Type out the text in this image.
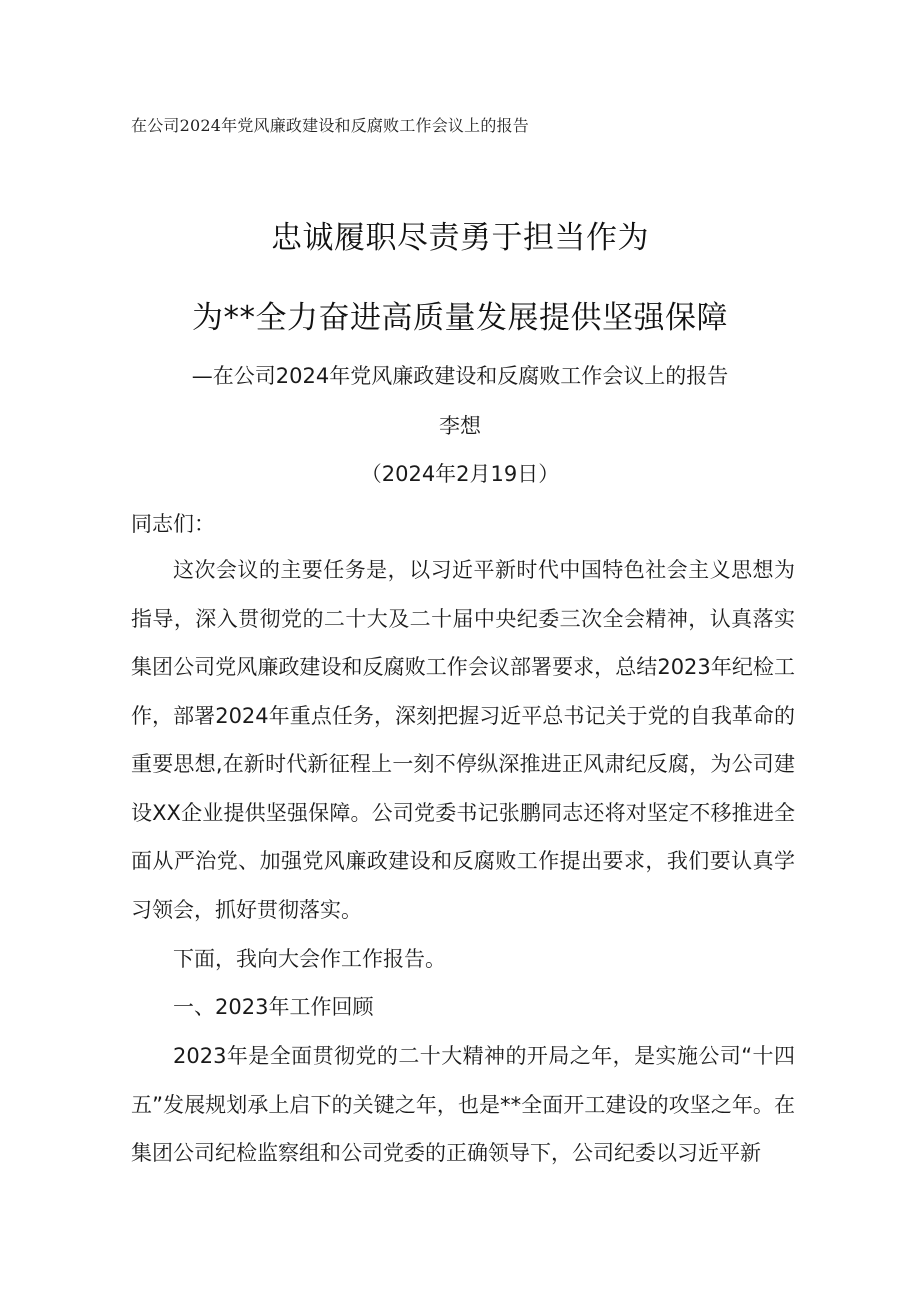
在公司2024年党风廉政建设和反腐败工作会议上的报告
忠诚履职尽责勇于担当作为
为**全力奋进高质量发展提供坚强保障
—在公司2024年党风廉政建设和反腐败工作会议上的报告
李想
（2024年2月19日）
同志们：

这次会议的主要任务是，以习近平新时代中国特色社会主义思想为指导，深入贯彻党的二十大及二十届中央纪委三次全会精神，认真落实集团公司党风廉政建设和反腐败工作会议部署要求，总结2023年纪检工作，部署2024年重点任务，深刻把握习近平总书记关于党的自我革命的重要思想,在新时代新征程上一刻不停纵深推进正风肃纪反腐，为公司建设XX企业提供坚强保障。公司党委书记张鹏同志还将对坚定不移推进全面从严治党、加强党风廉政建设和反腐败工作提出要求，我们要认真学习领会，抓好贯彻落实。

下面，我向大会作工作报告。

一、2023年工作回顾

2023年是全面贯彻党的二十大精神的开局之年，是实施公司“十四五”发展规划承上启下的关键之年，也是**全面开工建设的攻坚之年。在集团公司纪检监察组和公司党委的正确领导下，公司纪委以习近平新
